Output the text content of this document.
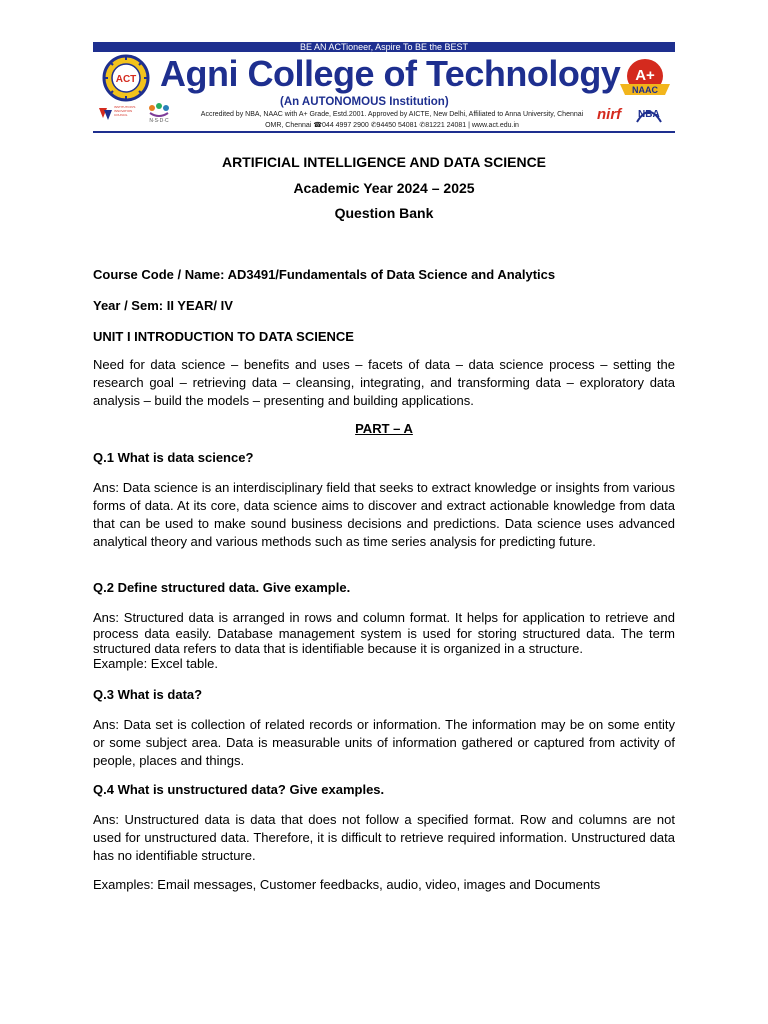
BE AN ACTioneer, Aspire To BE the BEST
ACT
INSTITUTION'S INNOVATION COUNCIL
N·S·D·C
Agni College of Technology
(An AUTONOMOUS Institution)
Accredited by NBA, NAAC with A+ Grade, Estd.2001. Approved by AICTE, New Delhi, Affiliated to Anna University, Chennai
OMR, Chennai ☎044 4997 2900 ✆94450 54081 ✆81221 24081 | www.act.edu.in
A+
NAAC
nirf	NBA
ARTIFICIAL INTELLIGENCE AND DATA SCIENCE
Academic Year 2024 – 2025
Question Bank
Course Code / Name: AD3491/Fundamentals of Data Science and Analytics
Year / Sem: II YEAR/ IV
UNIT I INTRODUCTION TO DATA SCIENCE
Need for data science – benefits and uses – facets of data – data science process – setting the research goal – retrieving data – cleansing, integrating, and transforming data – exploratory data analysis – build the models – presenting and building applications.
PART – A
Q.1 What is data science?
Ans: Data science is an interdisciplinary field that seeks to extract knowledge or insights from various forms of data. At its core, data science aims to discover and extract actionable knowledge from data that can be used to make sound business decisions and predictions. Data science uses advanced analytical theory and various methods such as time series analysis for predicting future.
Q.2 Define structured data. Give example.
Ans: Structured data is arranged in rows and column format. It helps for application to retrieve and process data easily. Database management system is used for storing structured data. The term structured data refers to data that is identifiable because it is organized in a structure.
Example: Excel table.
Q.3 What is data?
Ans: Data set is collection of related records or information. The information may be on some entity or some subject area. Data is measurable units of information gathered or captured from activity of people, places and things.
Q.4 What is unstructured data? Give examples.
Ans: Unstructured data is data that does not follow a specified format. Row and columns are not used for unstructured data. Therefore, it is difficult to retrieve required information. Unstructured data has no identifiable structure.
Examples: Email messages, Customer feedbacks, audio, video, images and Documents
